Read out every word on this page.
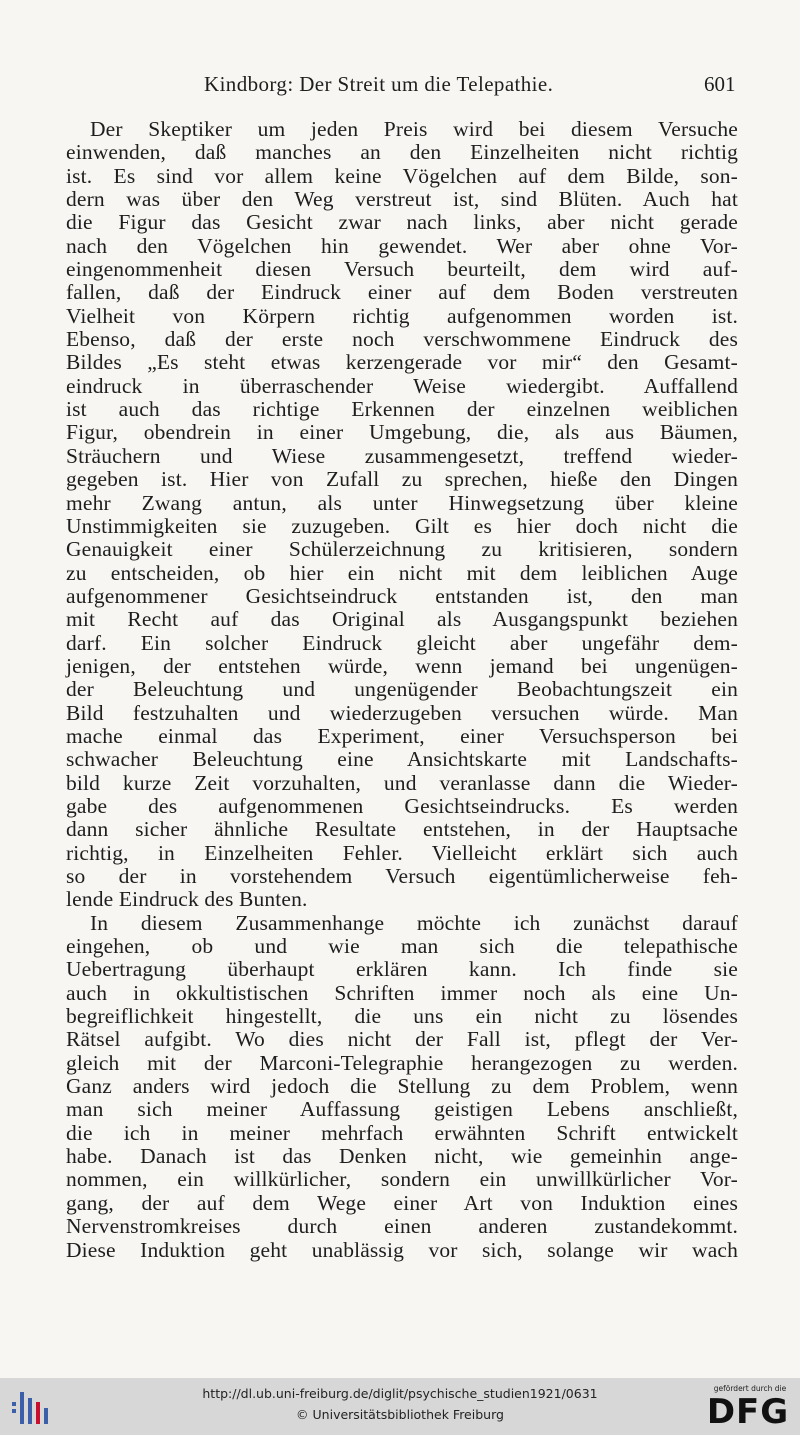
Kindborg: Der Streit um die Telepathie.	601
Der Skeptiker um jeden Preis wird bei diesem Versuche
einwenden, daß manches an den Einzelheiten nicht richtig
ist. Es sind vor allem keine Vögelchen auf dem Bilde, son-
dern was über den Weg verstreut ist, sind Blüten. Auch hat
die Figur das Gesicht zwar nach links, aber nicht gerade
nach den Vögelchen hin gewendet. Wer aber ohne Vor-
eingenommenheit diesen Versuch beurteilt, dem wird auf-
fallen, daß der Eindruck einer auf dem Boden verstreuten
Vielheit von Körpern richtig aufgenommen worden ist.
Ebenso, daß der erste noch verschwommene Eindruck des
Bildes „Es steht etwas kerzengerade vor mir“ den Gesamt-
eindruck in überraschender Weise wiedergibt. Auffallend
ist auch das richtige Erkennen der einzelnen weiblichen
Figur, obendrein in einer Umgebung, die, als aus Bäumen,
Sträuchern und Wiese zusammengesetzt, treffend wieder-
gegeben ist. Hier von Zufall zu sprechen, hieße den Dingen
mehr Zwang antun, als unter Hinwegsetzung über kleine
Unstimmigkeiten sie zuzugeben. Gilt es hier doch nicht die
Genauigkeit einer Schülerzeichnung zu kritisieren, sondern
zu entscheiden, ob hier ein nicht mit dem leiblichen Auge
aufgenommener Gesichtseindruck entstanden ist, den man
mit Recht auf das Original als Ausgangspunkt beziehen
darf. Ein solcher Eindruck gleicht aber ungefähr dem-
jenigen, der entstehen würde, wenn jemand bei ungenügen-
der Beleuchtung und ungenügender Beobachtungszeit ein
Bild festzuhalten und wiederzugeben versuchen würde. Man
mache einmal das Experiment, einer Versuchsperson bei
schwacher Beleuchtung eine Ansichtskarte mit Landschafts-
bild kurze Zeit vorzuhalten, und veranlasse dann die Wieder-
gabe des aufgenommenen Gesichtseindrucks. Es werden
dann sicher ähnliche Resultate entstehen, in der Hauptsache
richtig, in Einzelheiten Fehler. Vielleicht erklärt sich auch
so der in vorstehendem Versuch eigentümlicherweise feh-
lende Eindruck des Bunten.
In diesem Zusammenhange möchte ich zunächst darauf
eingehen, ob und wie man sich die telepathische
Uebertragung überhaupt erklären kann. Ich finde sie
auch in okkultistischen Schriften immer noch als eine Un-
begreiflichkeit hingestellt, die uns ein nicht zu lösendes
Rätsel aufgibt. Wo dies nicht der Fall ist, pflegt der Ver-
gleich mit der Marconi-Telegraphie herangezogen zu werden.
Ganz anders wird jedoch die Stellung zu dem Problem, wenn
man sich meiner Auffassung geistigen Lebens anschließt,
die ich in meiner mehrfach erwähnten Schrift entwickelt
habe. Danach ist das Denken nicht, wie gemeinhin ange-
nommen, ein willkürlicher, sondern ein unwillkürlicher Vor-
gang, der auf dem Wege einer Art von Induktion eines
Nervenstromkreises durch einen anderen zustandekommt.
Diese Induktion geht unablässig vor sich, solange wir wach
http://dl.ub.uni-freiburg.de/diglit/psychische_studien1921/0631
© Universitätsbibliothek Freiburg
gefördert durch die
DFG
